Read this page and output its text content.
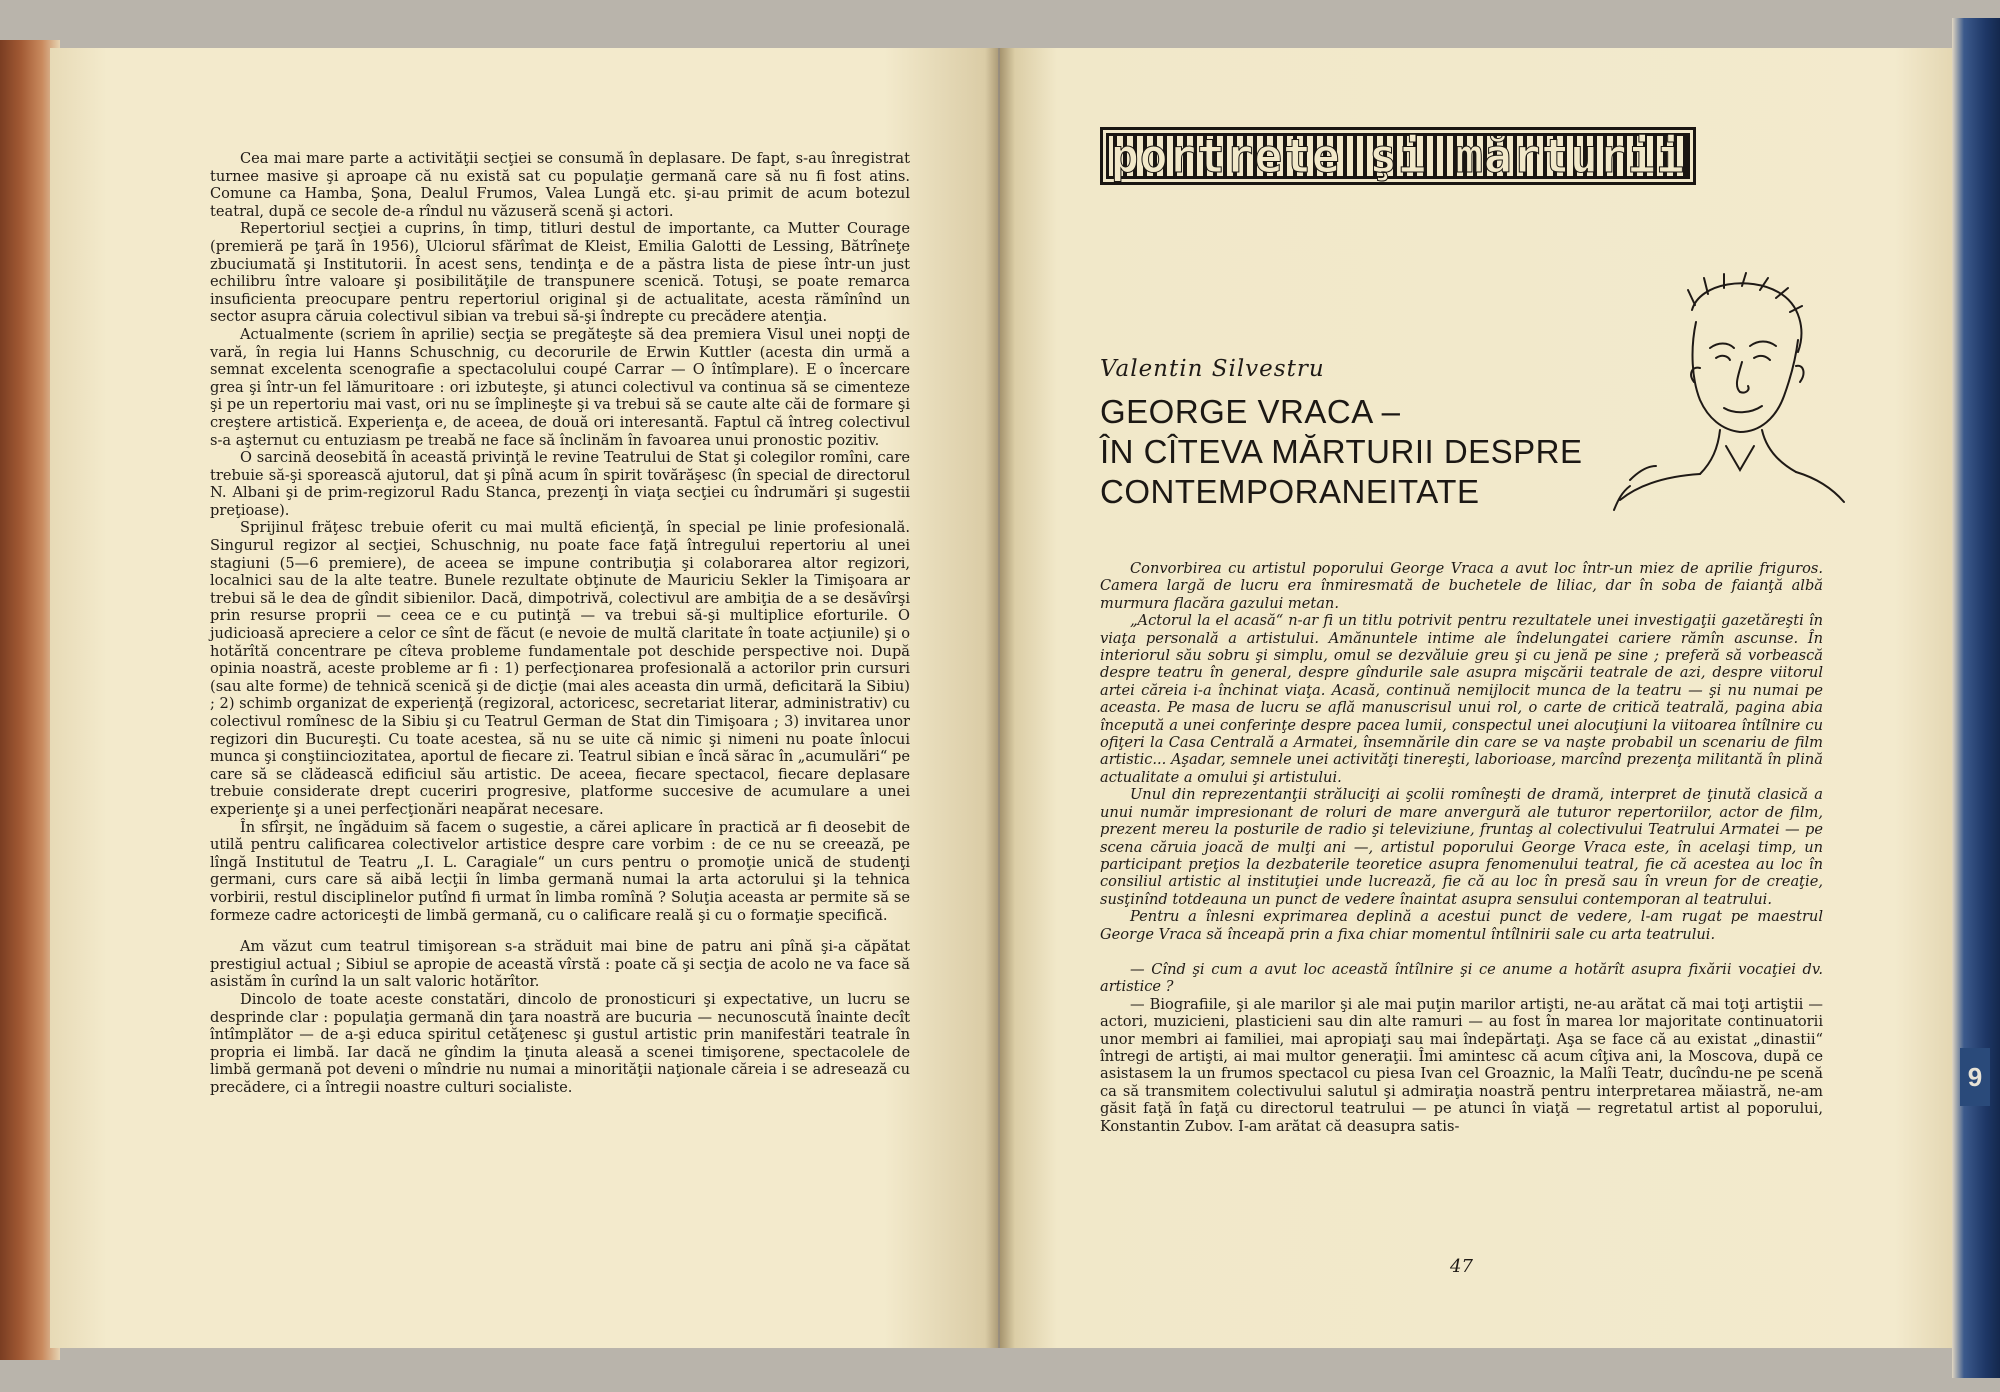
9

Cea mai mare parte a activităţii secţiei se consumă în deplasare. De fapt, s-au înregistrat turnee masive şi aproape că nu există sat cu populaţie germană care să nu fi fost atins. Comune ca Hamba, Şona, Dealul Frumos, Valea Lungă etc. şi-au primit de acum botezul teatral, după ce secole de-a rîndul nu văzuseră scenă şi actori.

Repertoriul secţiei a cuprins, în timp, titluri destul de importante, ca Mutter Courage (premieră pe ţară în 1956), Ulciorul sfărîmat de Kleist, Emilia Galotti de Lessing, Bătrîneţe zbuciumată şi Institutorii. În acest sens, tendinţa e de a păstra lista de piese într-un just echilibru între valoare şi posibilităţile de transpunere scenică. Totuşi, se poate remarca insuficienta preocupare pentru repertoriul original şi de actualitate, acesta rămînînd un sector asupra căruia colectivul sibian va trebui să-şi îndrepte cu precădere atenţia.

Actualmente (scriem în aprilie) secţia se pregăteşte să dea premiera Visul unei nopţi de vară, în regia lui Hanns Schuschnig, cu decorurile de Erwin Kuttler (acesta din urmă a semnat excelenta scenografie a spectacolului coupé Carrar — O întîmplare). E o încercare grea şi într-un fel lămuritoare : ori izbuteşte, şi atunci colectivul va continua să se cimenteze şi pe un repertoriu mai vast, ori nu se împlineşte şi va trebui să se caute alte căi de formare şi creştere artistică. Experienţa e, de aceea, de două ori interesantă. Faptul că întreg colectivul s-a aşternut cu entuziasm pe treabă ne face să înclinăm în favoarea unui pronostic pozitiv.

O sarcină deosebită în această privinţă le revine Teatrului de Stat şi colegilor romîni, care trebuie să-şi sporească ajutorul, dat şi pînă acum în spirit tovărăşesc (în special de directorul N. Albani şi de prim-regizorul Radu Stanca, prezenţi în viaţa secţiei cu îndrumări şi sugestii preţioase).

Sprijinul frăţesc trebuie oferit cu mai multă eficienţă, în special pe linie profesională. Singurul regizor al secţiei, Schuschnig, nu poate face faţă întregului repertoriu al unei stagiuni (5—6 premiere), de aceea se impune contribuţia şi colaborarea altor regizori, localnici sau de la alte teatre. Bunele rezultate obţinute de Mauriciu Sekler la Timişoara ar trebui să le dea de gîndit sibienilor. Dacă, dimpotrivă, colectivul are ambiţia de a se desăvîrşi prin resurse proprii — ceea ce e cu putinţă — va trebui să-şi multiplice eforturile. O judicioasă apreciere a celor ce sînt de făcut (e nevoie de multă claritate în toate acţiunile) şi o hotărîtă concentrare pe cîteva probleme fundamentale pot deschide perspective noi. După opinia noastră, aceste probleme ar fi : 1) perfecţionarea profesională a actorilor prin cursuri (sau alte forme) de tehnică scenică şi de dicţie (mai ales aceasta din urmă, deficitară la Sibiu) ; 2) schimb organizat de experienţă (regizoral, actoricesc, secretariat literar, administrativ) cu colectivul romînesc de la Sibiu şi cu Teatrul German de Stat din Timişoara ; 3) invitarea unor regizori din Bucureşti. Cu toate acestea, să nu se uite că nimic şi nimeni nu poate înlocui munca şi conştiinciozitatea, aportul de fiecare zi. Teatrul sibian e încă sărac în „acumulări“ pe care să se clădească edificiul său artistic. De aceea, fiecare spectacol, fiecare deplasare trebuie considerate drept cuceriri progresive, platforme succesive de acumulare a unei experienţe şi a unei perfecţionări neapărat necesare.

În sfîrşit, ne îngăduim să facem o sugestie, a cărei aplicare în practică ar fi deosebit de utilă pentru calificarea colectivelor artistice despre care vorbim : de ce nu se creează, pe lîngă Institutul de Teatru „I. L. Caragiale“ un curs pentru o promoţie unică de studenţi germani, curs care să aibă lecţii în limba germană numai la arta actorului şi la tehnica vorbirii, restul disciplinelor putînd fi urmat în limba romînă ? Soluţia aceasta ar permite să se formeze cadre actoriceşti de limbă germană, cu o calificare reală şi cu o formaţie specifică.

Am văzut cum teatrul timişorean s-a străduit mai bine de patru ani pînă şi-a căpătat prestigiul actual ; Sibiul se apropie de această vîrstă : poate că şi secţia de acolo ne va face să asistăm în curînd la un salt valoric hotărîtor.

Dincolo de toate aceste constatări, dincolo de pronosticuri şi expectative, un lucru se desprinde clar : populaţia germană din ţara noastră are bucuria — necunoscută înainte decît întîmplător — de a-şi educa spiritul cetăţenesc şi gustul artistic prin manifestări teatrale în propria ei limbă. Iar dacă ne gîndim la ţinuta aleasă a scenei timişorene, spectacolele de limbă germană pot deveni o mîndrie nu numai a minorităţii naţionale căreia i se adresează cu precădere, ci a întregii noastre culturi socialiste.

portrete şi mărturii
Valentin Silvestru
GEORGE VRACA –
ÎN CÎTEVA MĂRTURII DESPRE
CONTEMPORANEITATE

Convorbirea cu artistul poporului George Vraca a avut loc într-un miez de aprilie friguros. Camera largă de lucru era înmiresmată de buchetele de liliac, dar în soba de faianţă albă murmura flacăra gazului metan.

„Actorul la el acasă“ n-ar fi un titlu potrivit pentru rezultatele unei investigaţii gazetăreşti în viaţa personală a artistului. Amănuntele intime ale îndelungatei cariere rămîn ascunse. În interiorul său sobru şi simplu, omul se dezvăluie greu şi cu jenă pe sine ; preferă să vorbească despre teatru în general, despre gîndurile sale asupra mişcării teatrale de azi, despre viitorul artei căreia i-a închinat viaţa. Acasă, continuă nemijlocit munca de la teatru — şi nu numai pe aceasta. Pe masa de lucru se află manuscrisul unui rol, o carte de critică teatrală, pagina abia începută a unei conferinţe despre pacea lumii, conspectul unei alocuţiuni la viitoarea întîlnire cu ofiţeri la Casa Centrală a Armatei, însemnările din care se va naşte probabil un scenariu de film artistic... Aşadar, semnele unei activităţi tinereşti, laborioase, marcînd prezenţa militantă în plină actualitate a omului şi artistului.

Unul din reprezentanţii străluciţi ai şcolii romîneşti de dramă, interpret de ţinută clasică a unui număr impresionant de roluri de mare anvergură ale tuturor repertoriilor, actor de film, prezent mereu la posturile de radio şi televiziune, fruntaş al colectivului Teatrului Armatei — pe scena căruia joacă de mulţi ani —, artistul poporului George Vraca este, în acelaşi timp, un participant preţios la dezbaterile teoretice asupra fenomenului teatral, fie că acestea au loc în consiliul artistic al instituţiei unde lucrează, fie că au loc în presă sau în vreun for de creaţie, susţinînd totdeauna un punct de vedere înaintat asupra sensului contemporan al teatrului.

Pentru a înlesni exprimarea deplină a acestui punct de vedere, l-am rugat pe maestrul George Vraca să înceapă prin a fixa chiar momentul întîlnirii sale cu arta teatrului.

— Cînd şi cum a avut loc această întîlnire şi ce anume a hotărît asupra fixării vocaţiei dv. artistice ?

— Biografiile, şi ale marilor şi ale mai puţin marilor artişti, ne-au arătat că mai toţi artiştii — actori, muzicieni, plasticieni sau din alte ramuri — au fost în marea lor majoritate continuatorii unor membri ai familiei, mai apropiaţi sau mai îndepărtaţi. Aşa se face că au existat „dinastii“ întregi de artişti, ai mai multor generaţii. Îmi amintesc că acum cîţiva ani, la Moscova, după ce asistasem la un frumos spectacol cu piesa Ivan cel Groaznic, la Malîi Teatr, ducîndu-ne pe scenă ca să transmitem colectivului salutul şi admiraţia noastră pentru interpretarea măiastră, ne-am găsit faţă în faţă cu directorul teatrului — pe atunci în viaţă — regretatul artist al poporului, Konstantin Zubov. I-am arătat că deasupra satis-

47
